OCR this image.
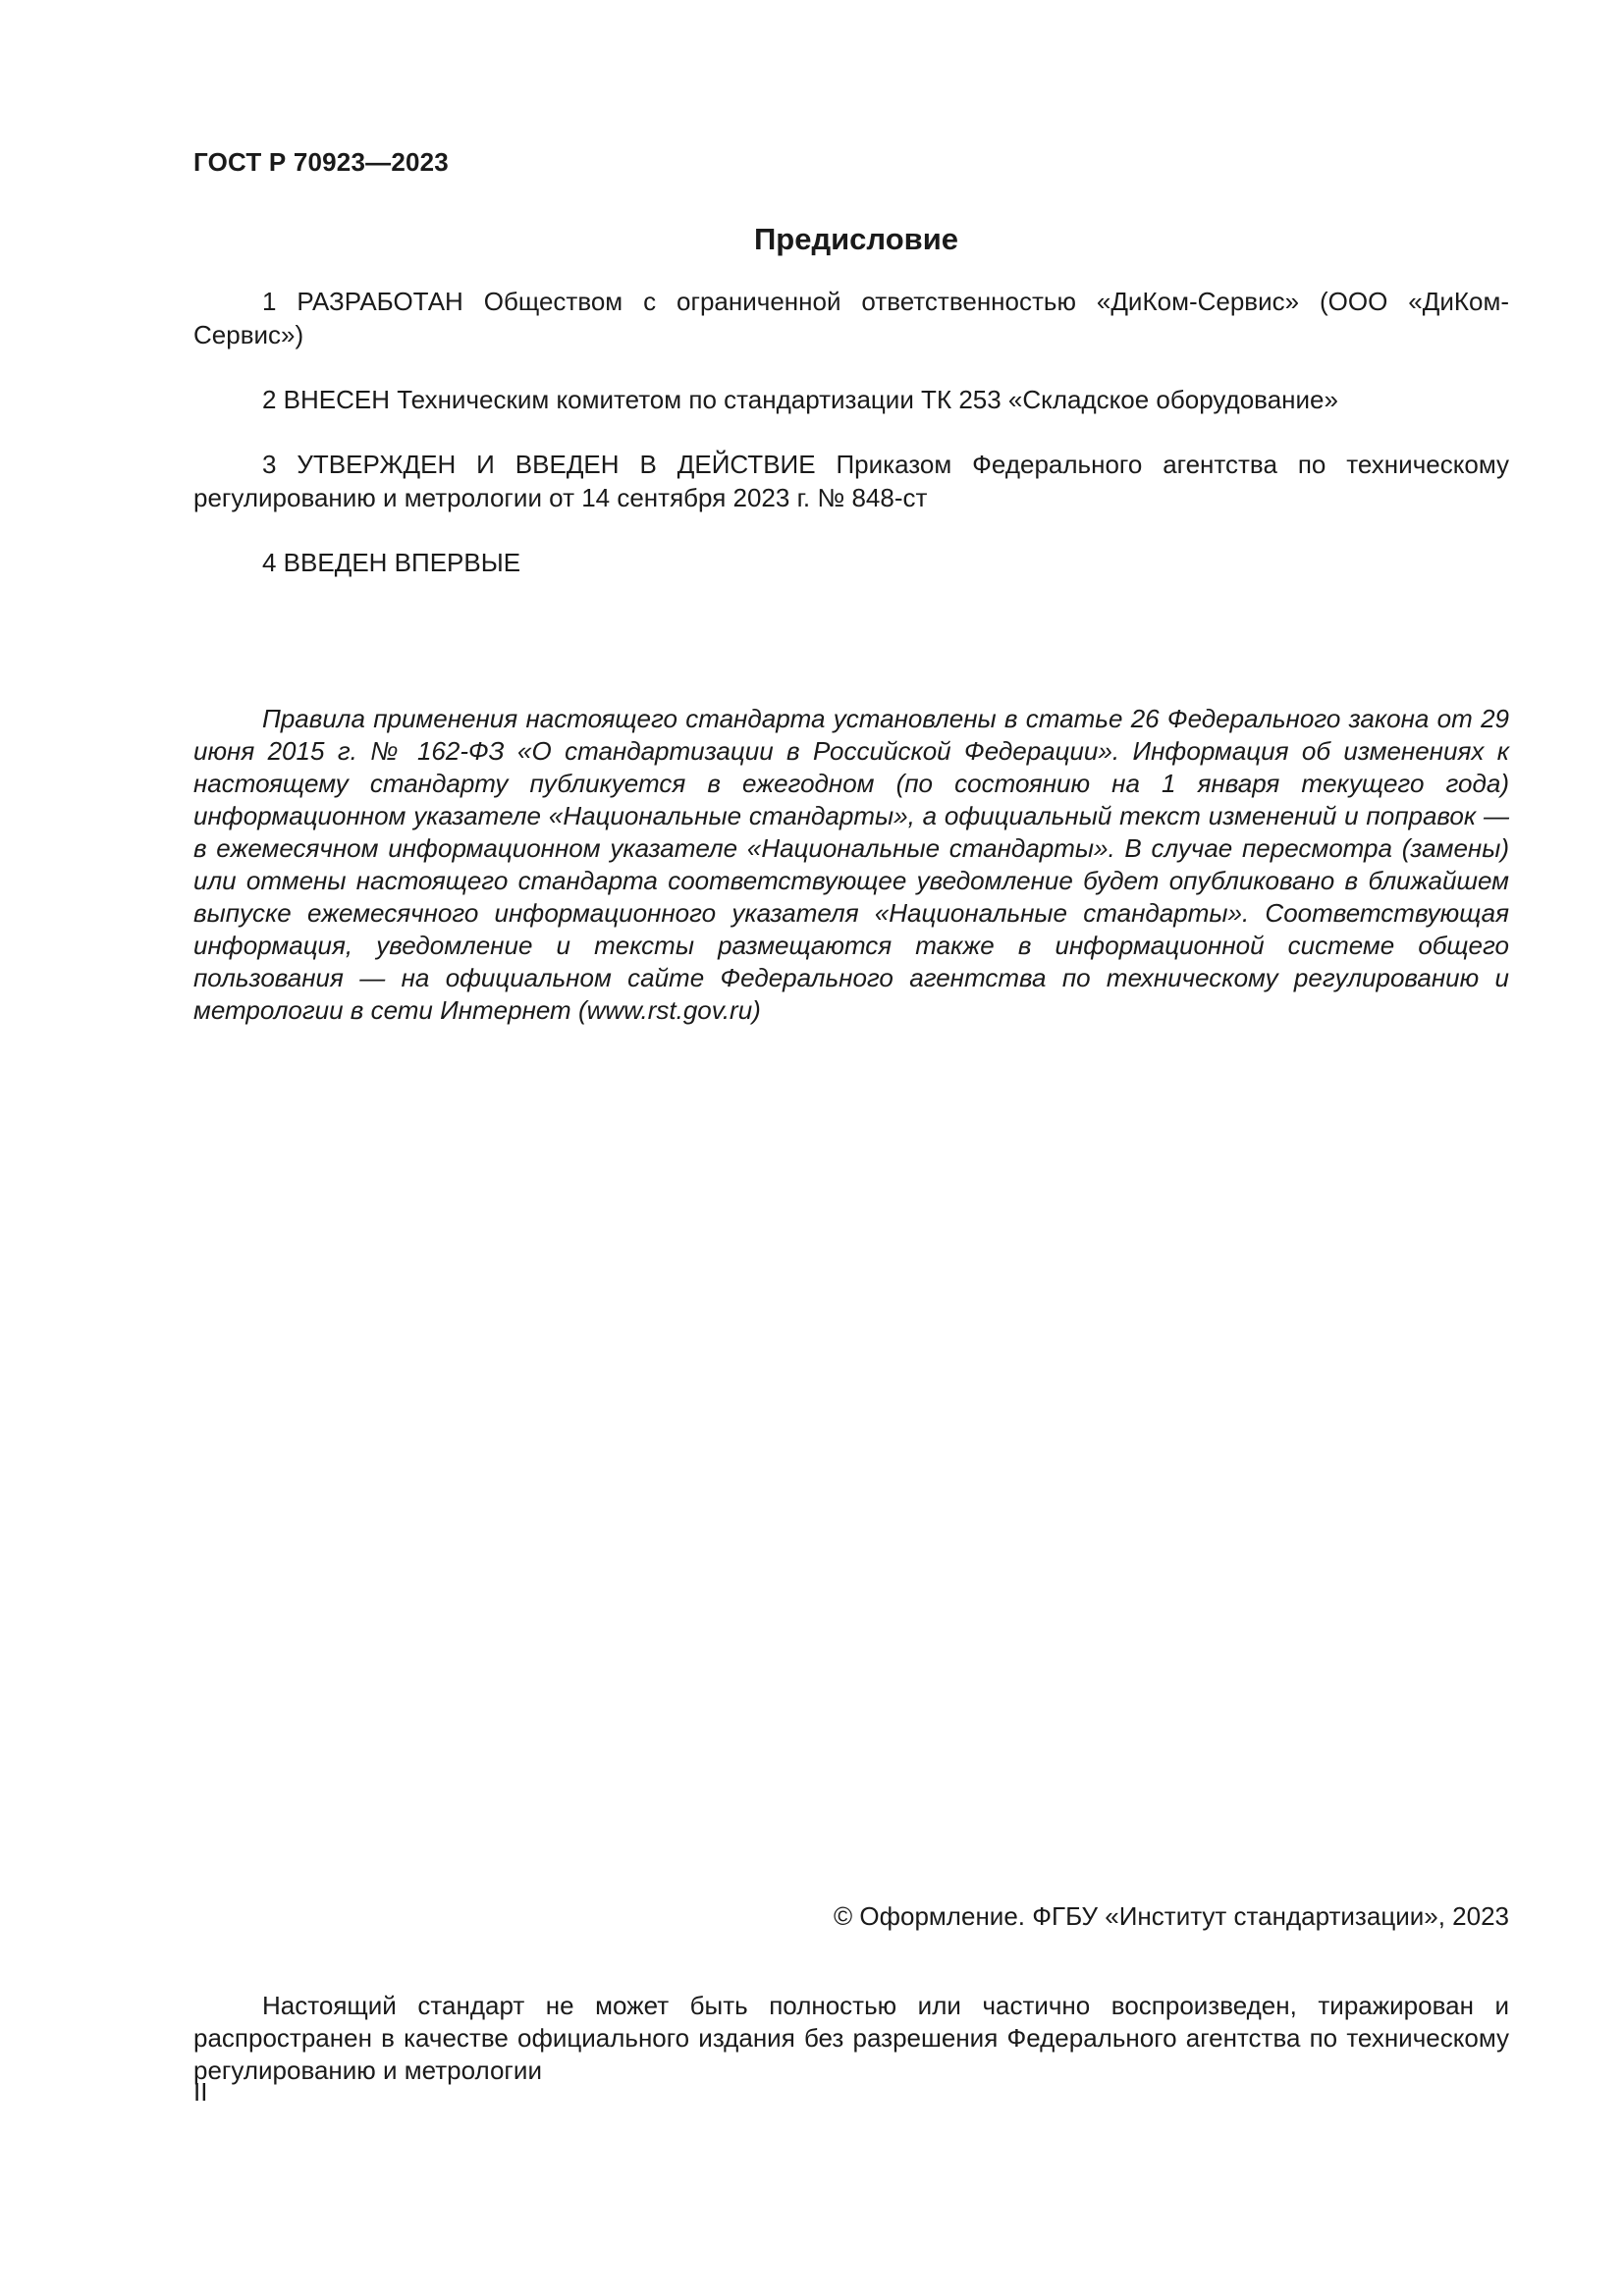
ГОСТ Р 70923—2023
Предисловие

1 РАЗРАБОТАН Обществом с ограниченной ответственностью «ДиКом-Сервис» (ООО «ДиКом-Сервис»)

2 ВНЕСЕН Техническим комитетом по стандартизации ТК 253 «Складское оборудование»

3 УТВЕРЖДЕН И ВВЕДЕН В ДЕЙСТВИЕ Приказом Федерального агентства по техническому регулированию и метрологии от 14 сентября 2023 г. № 848-ст

4 ВВЕДЕН ВПЕРВЫЕ

Правила применения настоящего стандарта установлены в статье 26 Федерального закона от 29 июня 2015 г. № 162-ФЗ «О стандартизации в Российской Федерации». Информация об изменениях к настоящему стандарту публикуется в ежегодном (по состоянию на 1 января текущего года) информационном указателе «Национальные стандарты», а официальный текст изменений и поправок — в ежемесячном информационном указателе «Национальные стандарты». В случае пересмотра (замены) или отмены настоящего стандарта соответствующее уведомление будет опубликовано в ближайшем выпуске ежемесячного информационного указателя «Национальные стандарты». Соответствующая информация, уведомление и тексты размещаются также в информационной системе общего пользования — на официальном сайте Федерального агентства по техническому регулированию и метрологии в сети Интернет (www.rst.gov.ru)

© Оформление. ФГБУ «Институт стандартизации», 2023

Настоящий стандарт не может быть полностью или частично воспроизведен, тиражирован и распространен в качестве официального издания без разрешения Федерального агентства по техническому регулированию и метрологии

II
